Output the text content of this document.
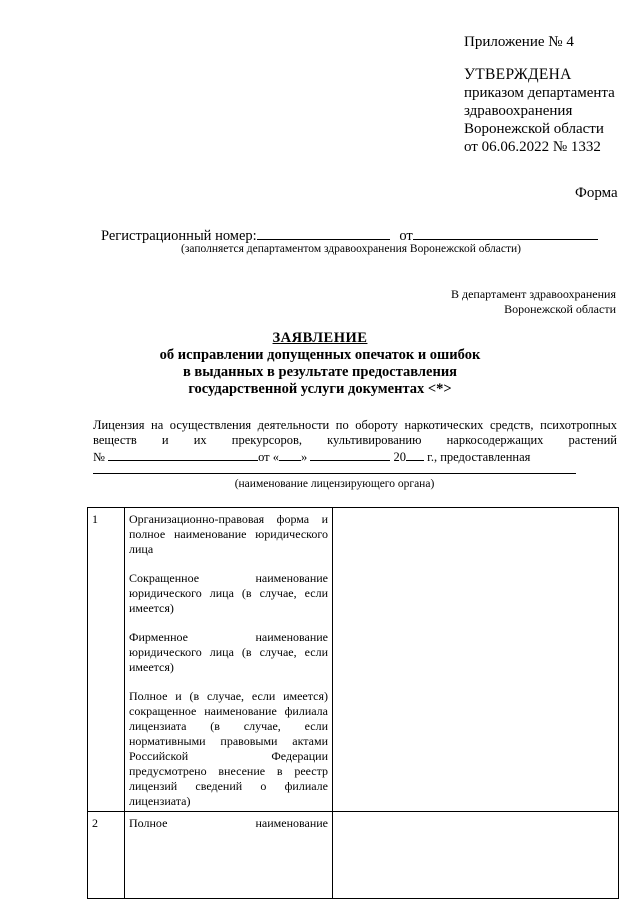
Приложение № 4
УТВЕРЖДЕНА
приказом департамента
здравоохранения
Воронежской области
от 06.06.2022 № 1332
Форма
Регистрационный номер:	от
(заполняется департаментом здравоохранения Воронежской области)
В департамент здравоохранения
Воронежской области
ЗАЯВЛЕНИЕ
об исправлении допущенных опечаток и ошибок
в выданных в результате предоставления
государственной услуги документах <*>
Лицензия на осуществления деятельности по обороту наркотических средств, психотропных
веществ и их прекурсоров, культивированию наркосодержащих растений
№	от « »	20 г., предоставленная
(наименование лицензирующего органа)
1	Организационно-правовая форма и полное наименование юридического лица
Сокращенное наименование юридического лица (в случае, если имеется)
Фирменное наименование юридического лица (в случае, если имеется)
Полное и (в случае, если имеется) сокращенное наименование филиала лицензиата (в случае, если нормативными правовыми актами Российской Федерации предусмотрено внесение в реестр лицензий сведений о филиале лицензиата)	

2	Полное наименование	
